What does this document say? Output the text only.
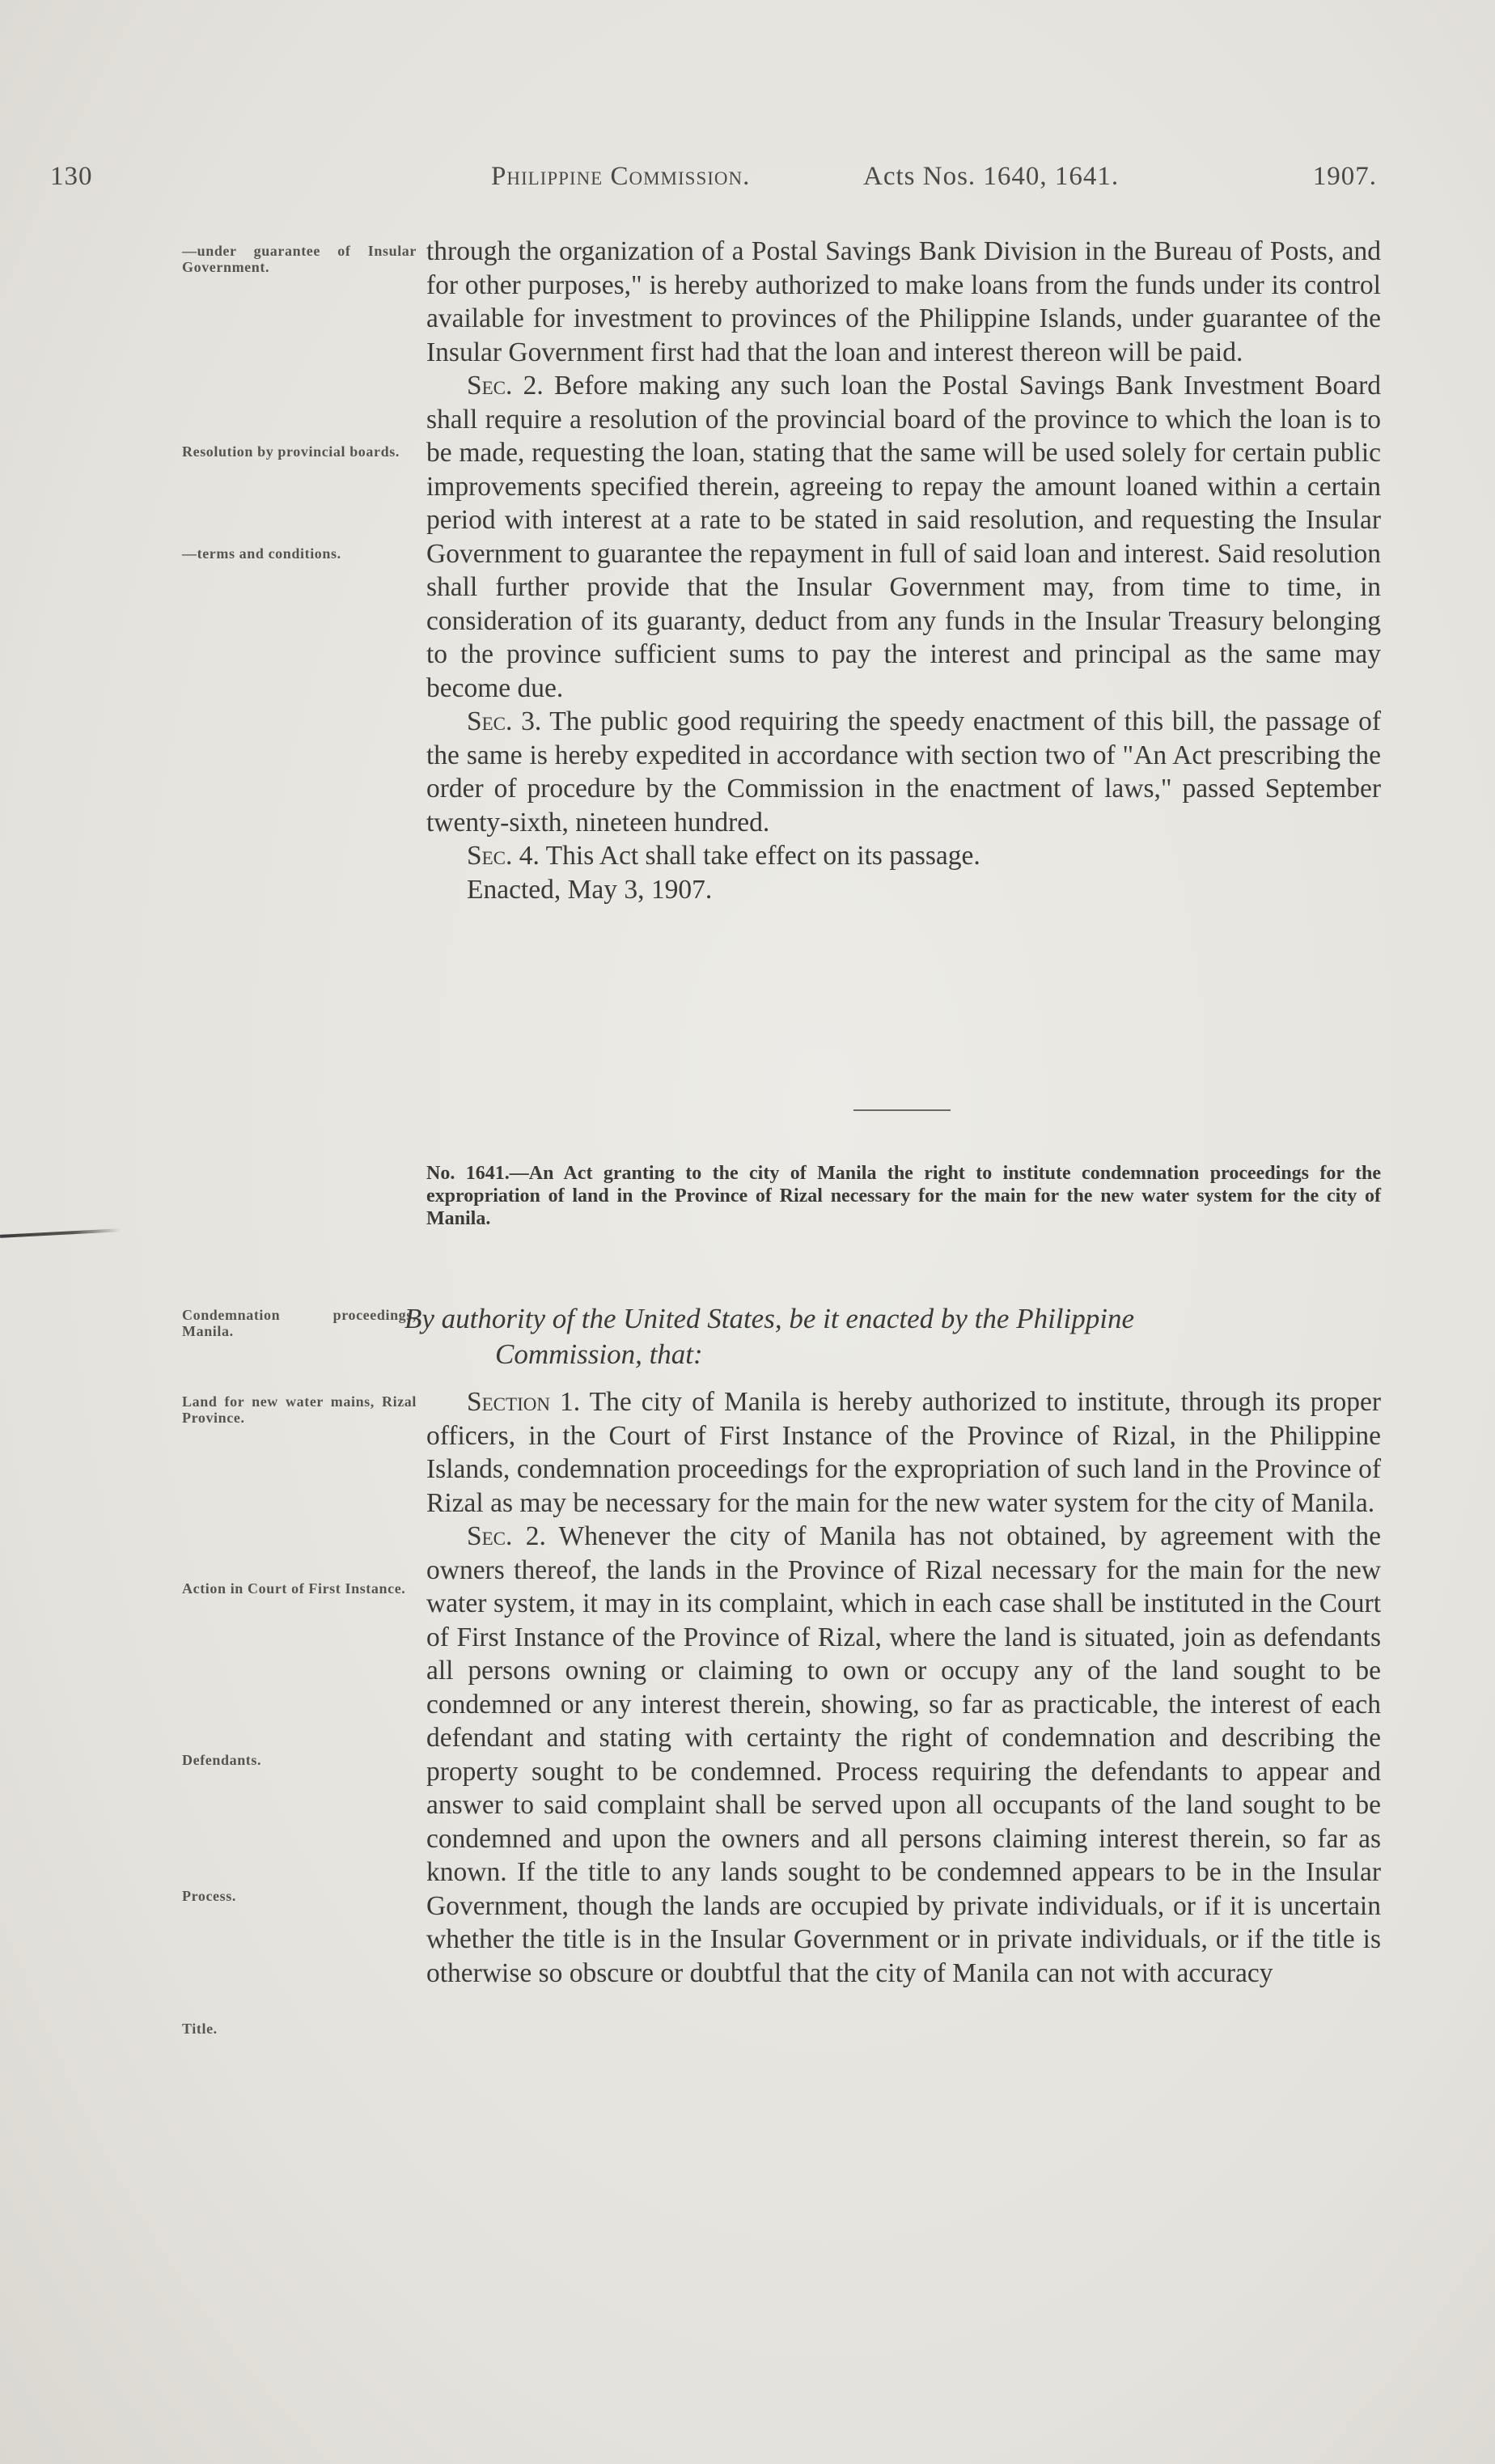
130	Philippine Commission.	Acts Nos. 1640, 1641.	1907.
—under guarantee of Insular Government.
Resolution by provincial boards.
—terms and conditions.
Condemnation proceedings, Manila.
Land for new water mains, Rizal Province.
Action in Court of First Instance.
Defendants.
Process.
Title.

through the organization of a Postal Savings Bank Division in the Bureau of Posts, and for other purposes," is hereby authorized to make loans from the funds under its control available for investment to provinces of the Philippine Islands, under guarantee of the Insular Government first had that the loan and interest thereon will be paid.

Sec. 2. Before making any such loan the Postal Savings Bank Investment Board shall require a resolution of the provincial board of the province to which the loan is to be made, requesting the loan, stating that the same will be used solely for certain public improvements specified therein, agreeing to repay the amount loaned within a certain period with interest at a rate to be stated in said resolution, and requesting the Insular Government to guarantee the repayment in full of said loan and interest. Said resolution shall further provide that the Insular Government may, from time to time, in consideration of its guaranty, deduct from any funds in the Insular Treasury belonging to the province sufficient sums to pay the interest and principal as the same may become due.

Sec. 3. The public good requiring the speedy enactment of this bill, the passage of the same is hereby expedited in accordance with section two of "An Act prescribing the order of procedure by the Commission in the enactment of laws," passed September twenty-sixth, nineteen hundred.

Sec. 4. This Act shall take effect on its passage.

Enacted, May 3, 1907.

No. 1641.—An Act granting to the city of Manila the right to institute condemnation proceedings for the expropriation of land in the Province of Rizal necessary for the main for the new water system for the city of Manila.
By authority of the United States, be it enacted by the Philippine
Commission, that:

Section 1. The city of Manila is hereby authorized to institute, through its proper officers, in the Court of First Instance of the Province of Rizal, in the Philippine Islands, condemnation proceedings for the expropriation of such land in the Province of Rizal as may be necessary for the main for the new water system for the city of Manila.

Sec. 2. Whenever the city of Manila has not obtained, by agreement with the owners thereof, the lands in the Province of Rizal necessary for the main for the new water system, it may in its complaint, which in each case shall be instituted in the Court of First Instance of the Province of Rizal, where the land is situated, join as defendants all persons owning or claiming to own or occupy any of the land sought to be condemned or any interest therein, showing, so far as practicable, the interest of each defendant and stating with certainty the right of condemnation and describing the property sought to be condemned. Process requiring the defendants to appear and answer to said complaint shall be served upon all occupants of the land sought to be condemned and upon the owners and all persons claiming interest therein, so far as known. If the title to any lands sought to be condemned appears to be in the Insular Government, though the lands are occupied by private individuals, or if it is uncertain whether the title is in the Insular Government or in private individuals, or if the title is otherwise so obscure or doubtful that the city of Manila can not with accuracy
